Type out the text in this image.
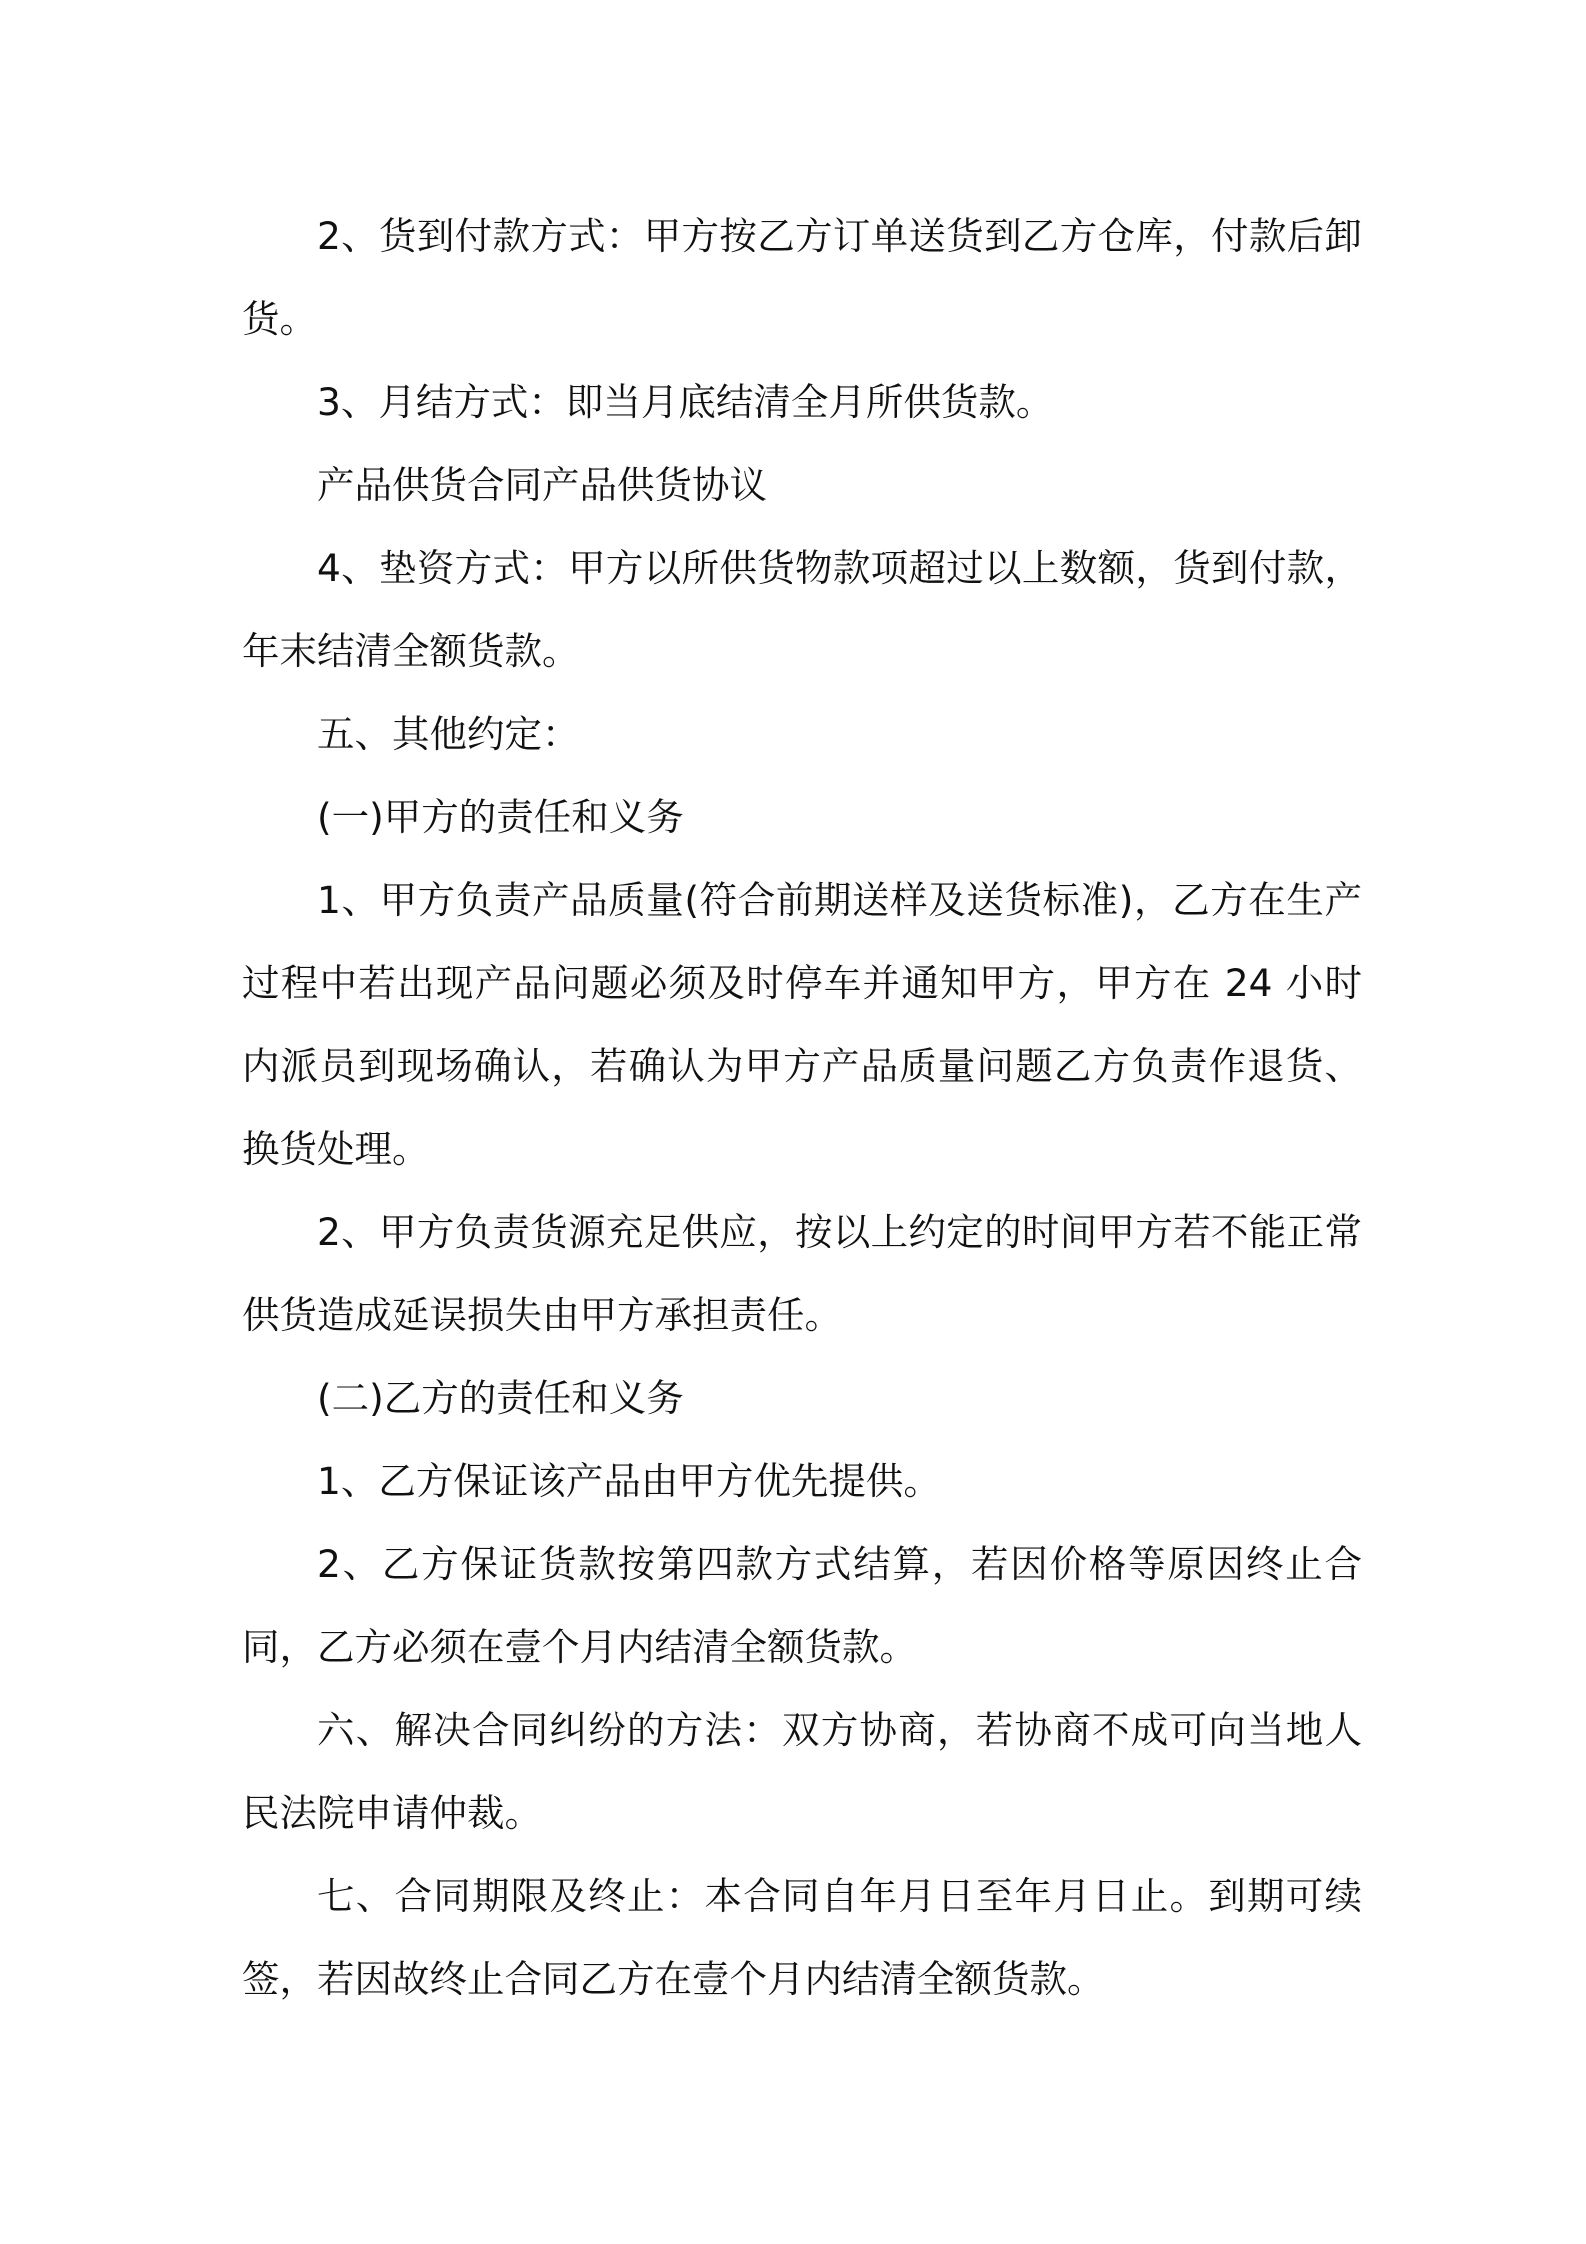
2、货到付款方式：甲方按乙方订单送货到乙方仓库，付款后卸货。

3、月结方式：即当月底结清全月所供货款。

产品供货合同产品供货协议

4、垫资方式：甲方以所供货物款项超过以上数额，货到付款，年末结清全额货款。

五、其他约定：

(一)甲方的责任和义务

1、甲方负责产品质量(符合前期送样及送货标准)，乙方在生产过程中若出现产品问题必须及时停车并通知甲方，甲方在 24 小时内派员到现场确认，若确认为甲方产品质量问题乙方负责作退货、换货处理。

2、甲方负责货源充足供应，按以上约定的时间甲方若不能正常供货造成延误损失由甲方承担责任。

(二)乙方的责任和义务

1、乙方保证该产品由甲方优先提供。

2、乙方保证货款按第四款方式结算，若因价格等原因终止合同，乙方必须在壹个月内结清全额货款。

六、解决合同纠纷的方法：双方协商，若协商不成可向当地人民法院申请仲裁。

七、合同期限及终止：本合同自年月日至年月日止。到期可续签，若因故终止合同乙方在壹个月内结清全额货款。
